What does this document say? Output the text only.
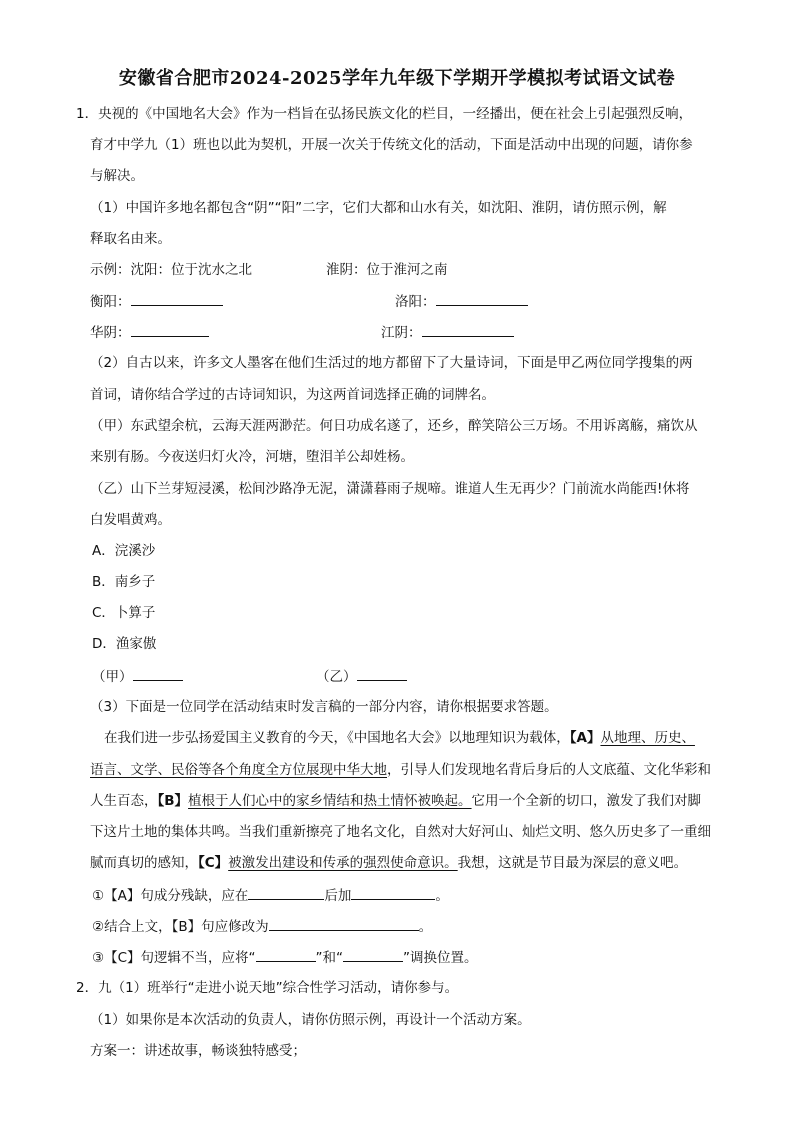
安徽省合肥市2024-2025学年九年级下学期开学模拟考试语文试卷
1．央视的《中国地名大会》作为一档旨在弘扬民族文化的栏目，一经播出，便在社会上引起强烈反响，
育才中学九（1）班也以此为契机，开展一次关于传统文化的活动，下面是活动中出现的问题，请你参
与解决。
（1）中国许多地名都包含“阴”“阳”二字，它们大都和山水有关，如沈阳、淮阴，请仿照示例，解
释取名由来。
示例：沈阳：位于沈水之北	淮阴：位于淮河之南
衡阳：	洛阳：
华阴：	江阴：
（2）自古以来，许多文人墨客在他们生活过的地方都留下了大量诗词，下面是甲乙两位同学搜集的两
首词，请你结合学过的古诗词知识，为这两首词选择正确的词牌名。
（甲）东武望余杭，云海天涯两渺茫。何日功成名遂了，还乡，醉笑陪公三万场。不用诉离觞，痛饮从
来别有肠。今夜送归灯火冷，河塘，堕泪羊公却姓杨。
（乙）山下兰芽短浸溪，松间沙路净无泥，潇潇暮雨子规啼。谁道人生无再少？门前流水尚能西!休将
白发唱黄鸡。
A．浣溪沙
B．南乡子
C．卜算子
D．渔家傲
（甲）	（乙）
（3）下面是一位同学在活动结束时发言稿的一部分内容，请你根据要求答题。
在我们进一步弘扬爱国主义教育的今天，《中国地名大会》以地理知识为载体，【A】从地理、历史、
语言、文学、民俗等各个角度全方位展现中华大地，引导人们发现地名背后身后的人文底蕴、文化华彩和
人生百态，【B】植根于人们心中的家乡情结和热土情怀被唤起。它用一个全新的切口，激发了我们对脚
下这片土地的集体共鸣。当我们重新擦亮了地名文化，自然对大好河山、灿烂文明、悠久历史多了一重细
腻而真切的感知，【C】被激发出建设和传承的强烈使命意识。我想，这就是节目最为深层的意义吧。
①【A】句成分残缺，应在	后加	。
②结合上文，【B】句应修改为	。
③【C】句逻辑不当，应将“	”和“	”调换位置。
2．九（1）班举行“走进小说天地”综合性学习活动，请你参与。
（1）如果你是本次活动的负责人，请你仿照示例，再设计一个活动方案。
方案一：讲述故事，畅谈独特感受；
